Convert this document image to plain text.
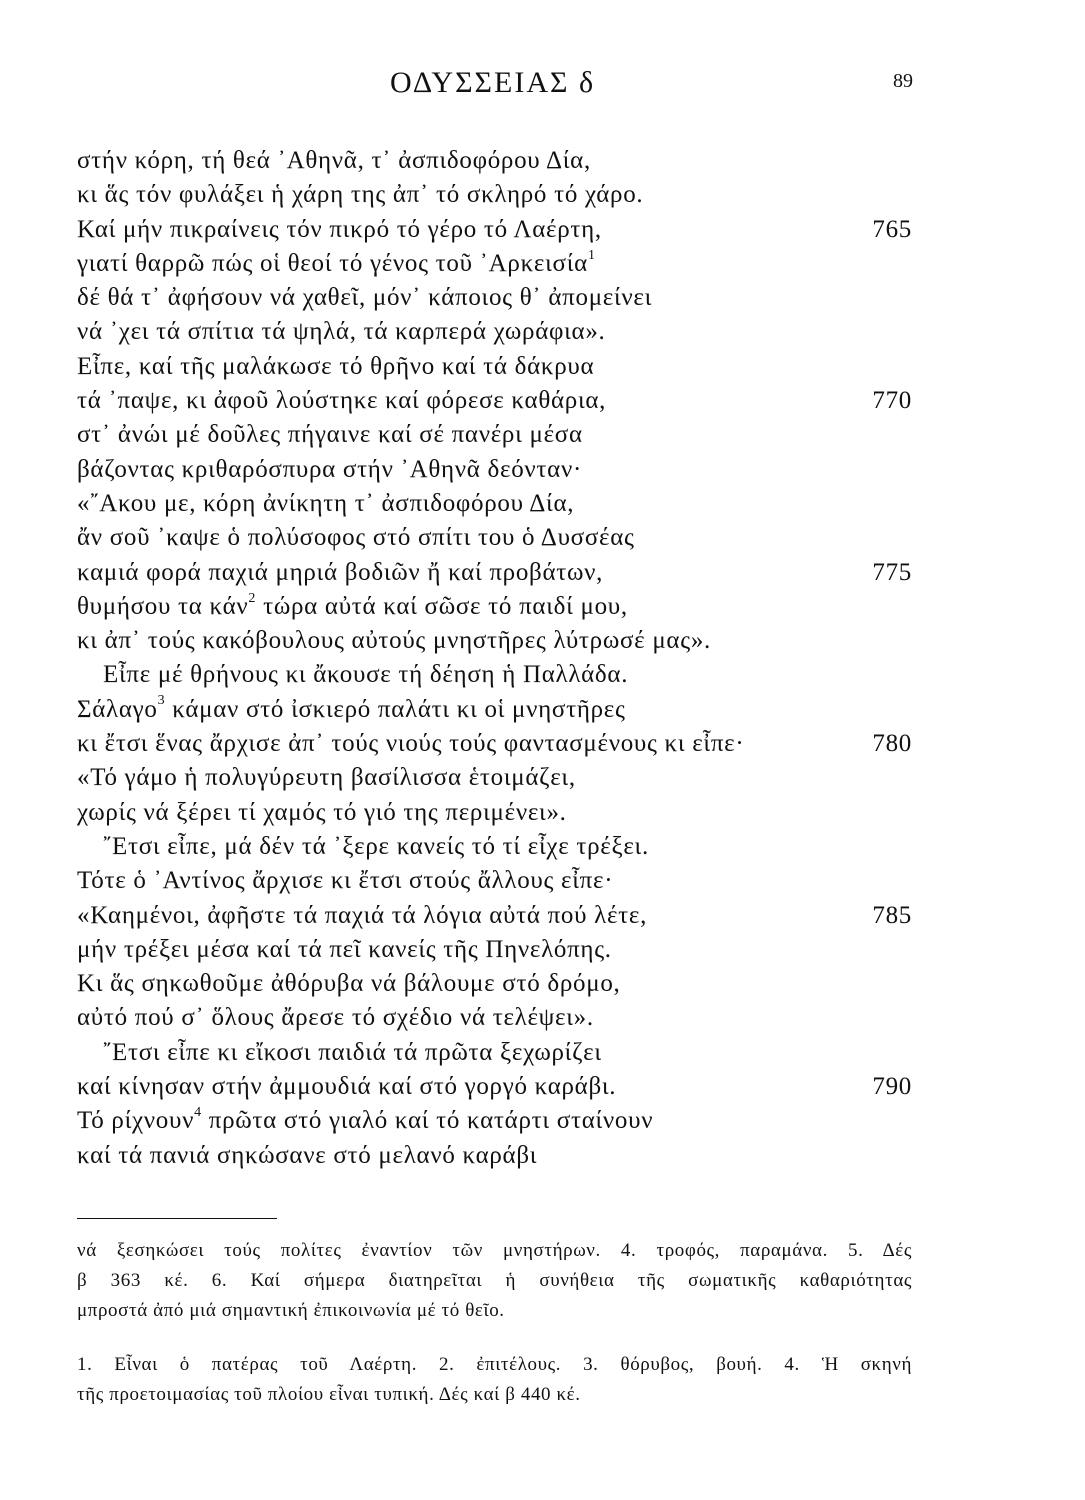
ΟΔΥΣΣΕΙΑΣ δ	89
στήν κόρη, τή θεά ᾿Αθηνᾶ, τ᾿ ἀσπιδοφόρου Δία,
κι ἅς τόν φυλάξει ἡ χάρη της ἀπ᾿ τό σκληρό τό χάρο.
Καί μήν πικραίνεις τόν πικρό τό γέρο τό Λαέρτη,	765
γιατί θαρρῶ πώς οἱ θεοί τό γένος τοῦ ᾿Αρκεισία$^1$
δέ θά τ᾿ ἀφήσουν νά χαθεῖ, μόν᾿ κάποιος θ᾿ ἀπομείνει
νά ᾿χει τά σπίτια τά ψηλά, τά καρπερά χωράφια».
Εἶπε, καί τῆς μαλάκωσε τό θρῆνο καί τά δάκρυα
τά ᾿παψε, κι ἀφοῦ λούστηκε καί φόρεσε καθάρια,	770
στ᾿ ἀνώι μέ δοῦλες πήγαινε καί σέ πανέρι μέσα
βάζοντας κριθαρόσπυρα στήν ᾿Αθηνᾶ δεόνταν·
«῎Ακου με, κόρη ἀνίκητη τ᾿ ἀσπιδοφόρου Δία,
ἄν σοῦ ᾿καψε ὁ πολύσοφος στό σπίτι του ὁ Δυσσέας
καμιά φορά παχιά μηριά βοδιῶν ἤ καί προβάτων,	775
θυμήσου τα κάν$^2$ τώρα αὐτά καί σῶσε τό παιδί μου,
κι ἀπ᾿ τούς κακόβουλους αὐτούς μνηστῆρες λύτρωσέ μας».
Εἶπε μέ θρήνους κι ἄκουσε τή δέηση ἡ Παλλάδα.
Σάλαγο$^3$ κάμαν στό ἰσκιερό παλάτι κι οἱ μνηστῆρες
κι ἔτσι ἕνας ἄρχισε ἀπ᾿ τούς νιούς τούς φαντασμένους κι εἶπε·	780
«Τό γάμο ἡ πολυγύρευτη βασίλισσα ἑτοιμάζει,
χωρίς νά ξέρει τί χαμός τό γιό της περιμένει».
῎Ετσι εἶπε, μά δέν τά ᾿ξερε κανείς τό τί εἶχε τρέξει.
Τότε ὁ ᾿Αντίνος ἄρχισε κι ἔτσι στούς ἄλλους εἶπε·
«Καημένοι, ἀφῆστε τά παχιά τά λόγια αὐτά πού λέτε,	785
μήν τρέξει μέσα καί τά πεῖ κανείς τῆς Πηνελόπης.
Κι ἅς σηκωθοῦμε ἀθόρυβα νά βάλουμε στό δρόμο,
αὐτό πού σ᾿ ὅλους ἄρεσε τό σχέδιο νά τελέψει».
῎Ετσι εἶπε κι εἴκοσι παιδιά τά πρῶτα ξεχωρίζει
καί κίνησαν στήν ἀμμουδιά καί στό γοργό καράβι.	790
Τό ρίχνουν$^4$ πρῶτα στό γιαλό καί τό κατάρτι σταίνουν
καί τά πανιά σηκώσανε στό μελανό καράβι
νά ξεσηκώσει τούς πολίτες ἐναντίον τῶν μνηστήρων. 4. τροφός, παραμάνα. 5. Δές
β 363 κέ. 6. Καί σήμερα διατηρεῖται ἡ συνήθεια τῆς σωματικῆς καθαριότητας
μπροστά ἀπό μιά σημαντική ἐπικοινωνία μέ τό θεῖο.
1. Εἶναι ὁ πατέρας τοῦ Λαέρτη. 2. ἐπιτέλους. 3. θόρυβος, βουή. 4. Ἡ σκηνή
τῆς προετοιμασίας τοῦ πλοίου εἶναι τυπική. Δές καί β 440 κέ.
